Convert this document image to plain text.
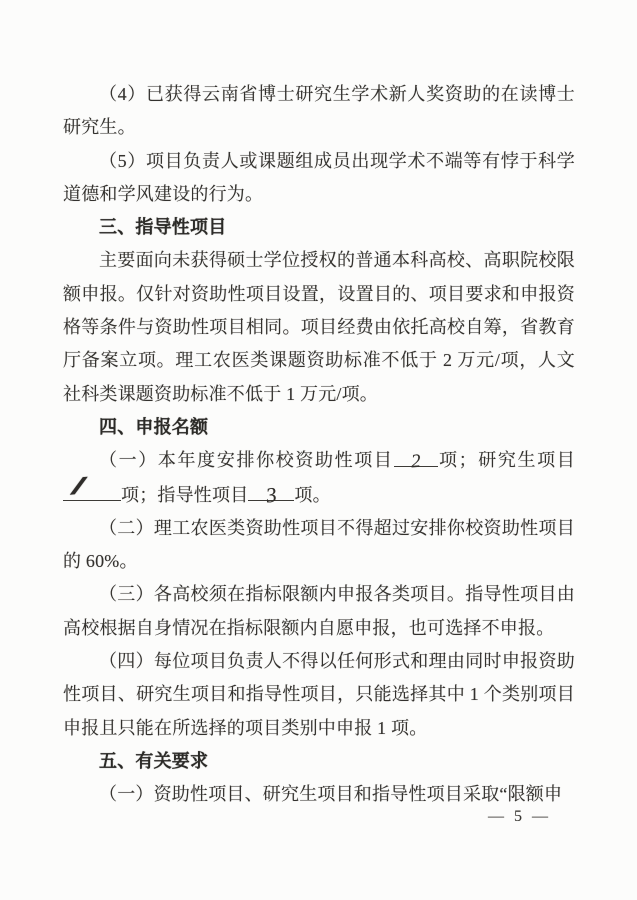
（4）已获得云南省博士研究生学术新人奖资助的在读博士研究生。

（5）项目负责人或课题组成员出现学术不端等有悖于科学道德和学风建设的行为。

三、指导性项目

主要面向未获得硕士学位授权的普通本科高校、高职院校限额申报。仅针对资助性项目设置，设置目的、项目要求和申报资格等条件与资助性项目相同。项目经费由依托高校自筹，省教育厅备案立项。理工农医类课题资助标准不低于 2 万元/项，人文社科类课题资助标准不低于 1 万元/项。

四、申报名额

（一）本年度安排你校资助性项目 2 项；研究生项目
/ 项；指导性项目 3 项。

（二）理工农医类资助性项目不得超过安排你校资助性项目的 60%。

（三）各高校须在指标限额内申报各类项目。指导性项目由高校根据自身情况在指标限额内自愿申报，也可选择不申报。

（四）每位项目负责人不得以任何形式和理由同时申报资助性项目、研究生项目和指导性项目，只能选择其中 1 个类别项目申报且只能在所选择的项目类别中申报 1 项。

五、有关要求

（一）资助性项目、研究生项目和指导性项目采取“限额申

— 5 —
